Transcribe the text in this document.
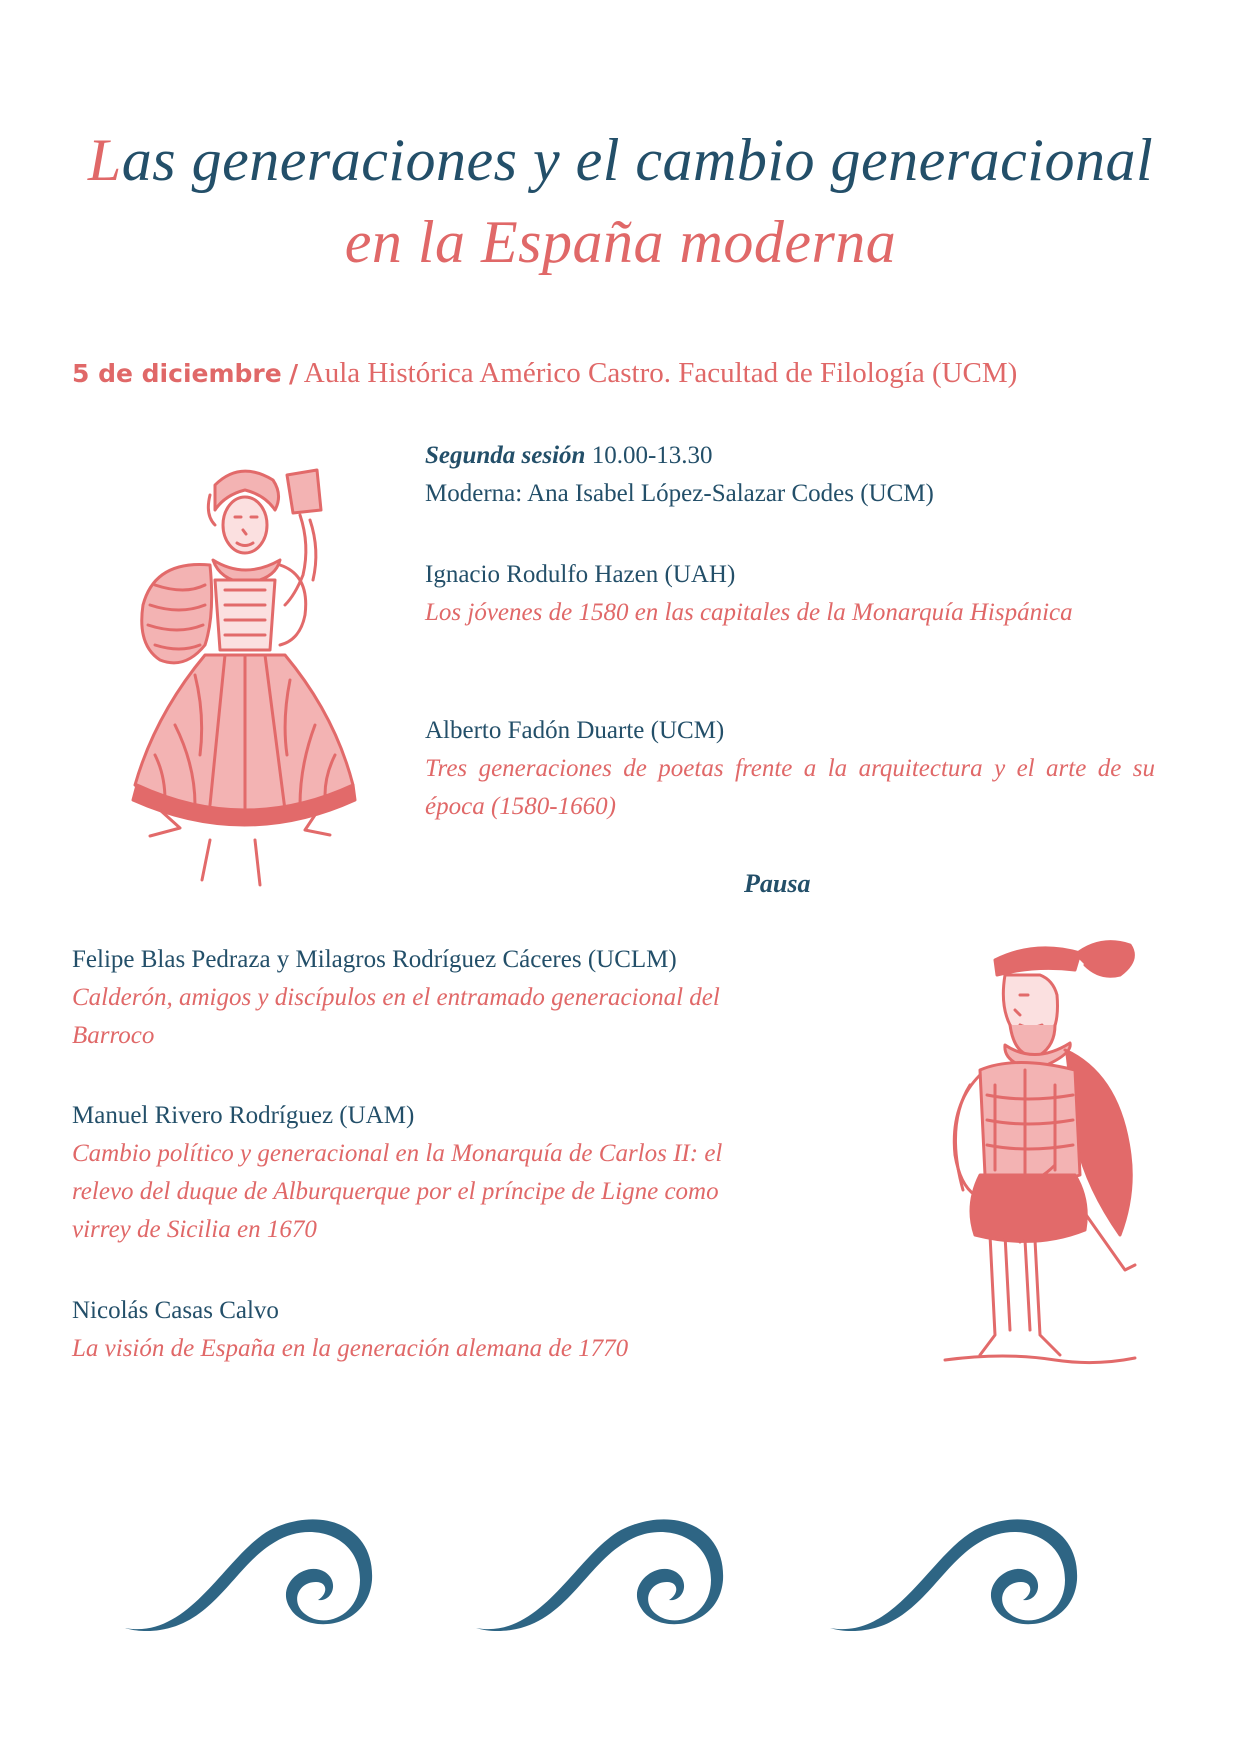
Las generaciones y el cambio generacional
en la España moderna
5 de diciembre / Aula Histórica Américo Castro. Facultad de Filología (UCM)
Segunda sesión 10.00-13.30
Moderna: Ana Isabel López-Salazar Codes (UCM)
Ignacio Rodulfo Hazen (UAH)
Los jóvenes de 1580 en las capitales de la Monarquía Hispánica
Alberto Fadón Duarte (UCM)
Tres generaciones de poetas frente a la arquitectura y el arte de su época (1580-1660)
Pausa
Felipe Blas Pedraza y Milagros Rodríguez Cáceres (UCLM)
Calderón, amigos y discípulos en el entramado generacional del
Barroco
Manuel Rivero Rodríguez (UAM)
Cambio político y generacional en la Monarquía de Carlos II: el
relevo del duque de Alburquerque por el príncipe de Ligne como
virrey de Sicilia en 1670
Nicolás Casas Calvo
La visión de España en la generación alemana de 1770
